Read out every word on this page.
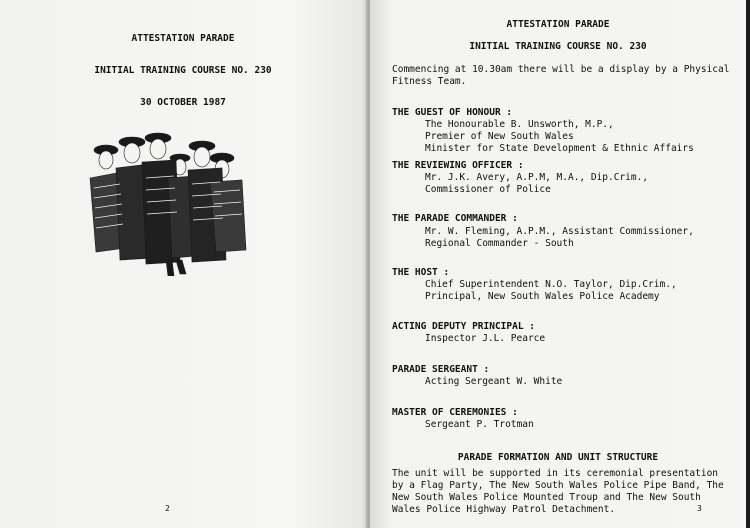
ATTESTATION PARADE
INITIAL TRAINING COURSE NO. 230
30 OCTOBER 1987
2
ATTESTATION PARADE
INITIAL TRAINING COURSE NO. 230
Commencing at 10.30am there will be a display by a Physical
Fitness Team.
THE GUEST OF HONOUR :
The Honourable B. Unsworth, M.P.,
Premier of New South Wales
Minister for State Development & Ethnic Affairs
THE REVIEWING OFFICER :
Mr. J.K. Avery, A.P.M, M.A., Dip.Crim.,
Commissioner of Police
THE PARADE COMMANDER :
Mr. W. Fleming, A.P.M., Assistant Commissioner,
Regional Commander - South
THE HOST :
Chief Superintendent N.O. Taylor, Dip.Crim.,
Principal, New South Wales Police Academy
ACTING DEPUTY PRINCIPAL :
Inspector J.L. Pearce
PARADE SERGEANT :
Acting Sergeant W. White
MASTER OF CEREMONIES :
Sergeant P. Trotman
PARADE FORMATION AND UNIT STRUCTURE
The unit will be supported in its ceremonial presentation
by a Flag Party, The New South Wales Police Pipe Band, The
New South Wales Police Mounted Troup and The New South
Wales Police Highway Patrol Detachment.	3
